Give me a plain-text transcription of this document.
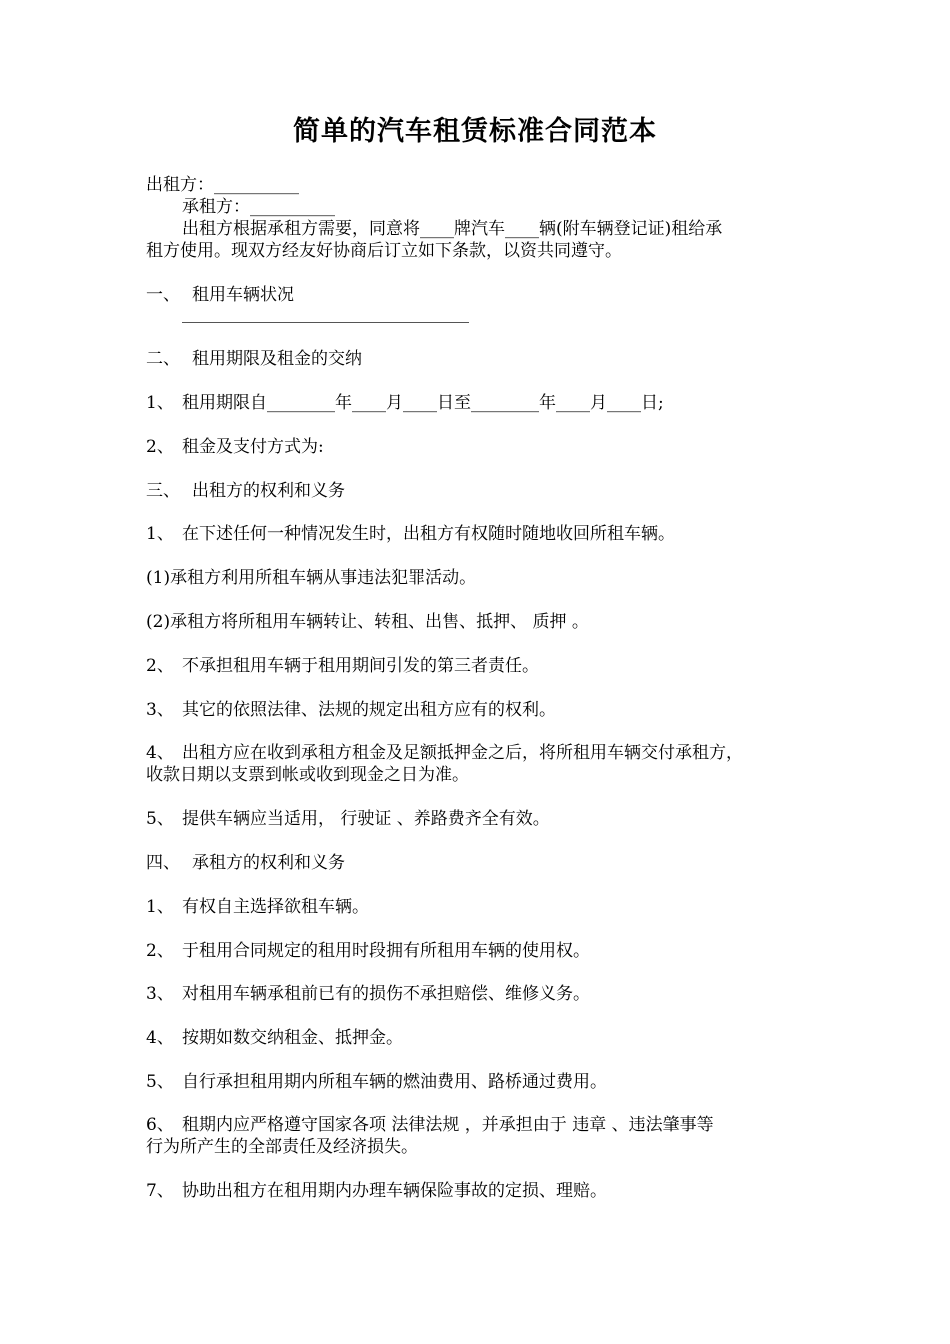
简单的汽车租赁标准合同范本
出租方：__________
承租方：__________
出租方根据承租方需要，同意将____牌汽车____辆(附车辆登记证)租给承
租方使用。现双方经友好协商后订立如下条款，以资共同遵守。
一、 租用车辆状况
二、 租用期限及租金的交纳
1、 租用期限自________年____月____日至________年____月____日;
2、 租金及支付方式为:
三、 出租方的权利和义务
1、 在下述任何一种情况发生时，出租方有权随时随地收回所租车辆。
(1)承租方利用所租车辆从事违法犯罪活动。
(2)承租方将所租用车辆转让、转租、出售、抵押、 质押 。
2、 不承担租用车辆于租用期间引发的第三者责任。
3、 其它的依照法律、法规的规定出租方应有的权利。
4、 出租方应在收到承租方租金及足额抵押金之后，将所租用车辆交付承租方，
收款日期以支票到帐或收到现金之日为准。
5、 提供车辆应当适用， 行驶证 、养路费齐全有效。
四、 承租方的权利和义务
1、 有权自主选择欲租车辆。
2、 于租用合同规定的租用时段拥有所租用车辆的使用权。
3、 对租用车辆承租前已有的损伤不承担赔偿、维修义务。
4、 按期如数交纳租金、抵押金。
5、 自行承担租用期内所租车辆的燃油费用、路桥通过费用。
6、 租期内应严格遵守国家各项 法律法规 ，并承担由于 违章 、违法肇事等
行为所产生的全部责任及经济损失。
7、 协助出租方在租用期内办理车辆保险事故的定损、理赔。
